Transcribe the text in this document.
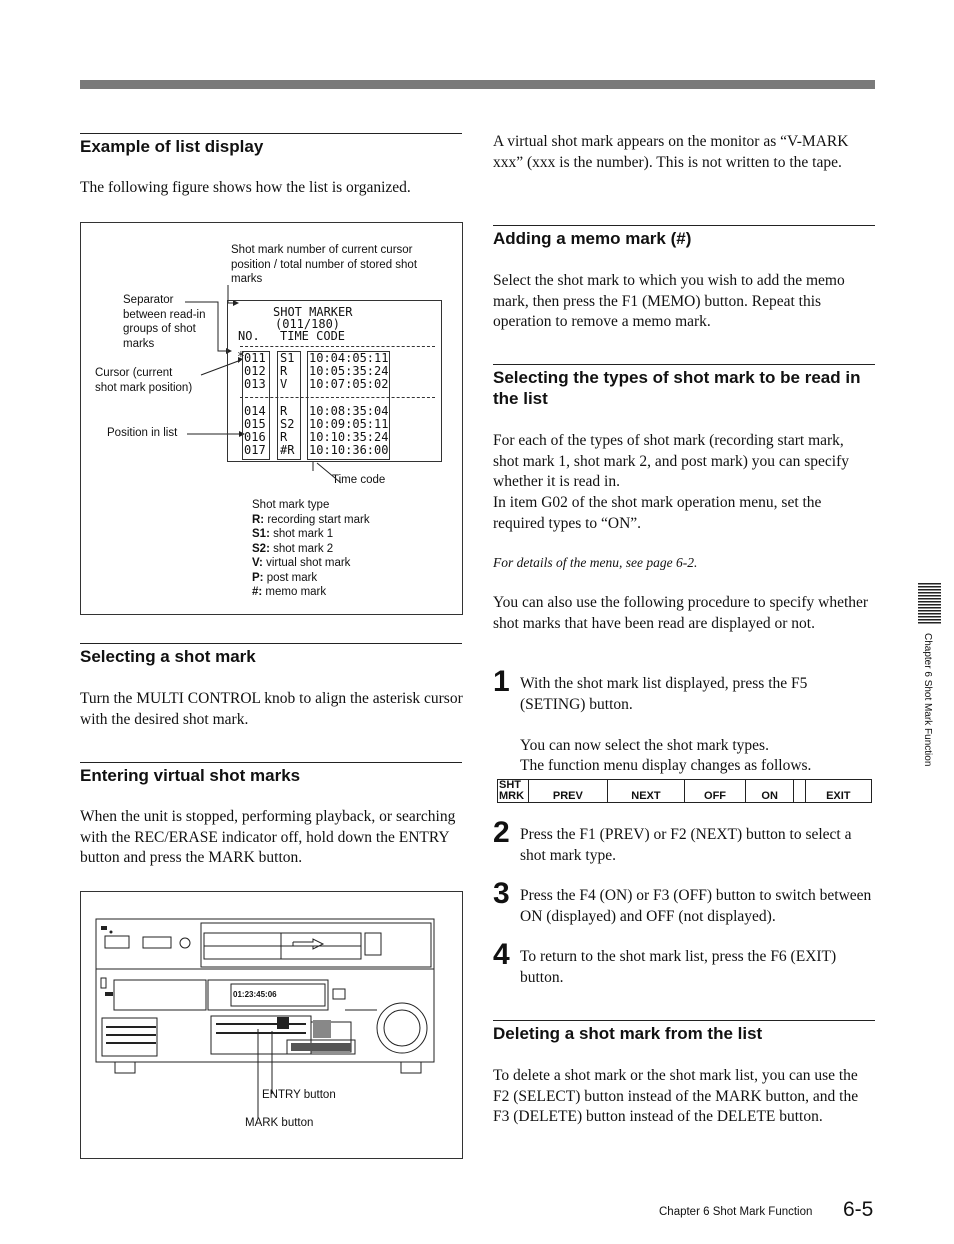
Example of list display

The following figure shows how the list is organized.

Shot mark number of current cursor
position / total number of stored shot
marks
Separator
between read-in
groups of shot
marks
Cursor (current
shot mark position)
Position in list
Time code
SHOT MARKER
(011/180)
NO. TIME CODE
* 011 S1 10:04:05:11
012 R 10:05:35:24
013 V 10:07:05:02
014 R 10:08:35:04
015 S2 10:09:05:11
016 R 10:10:35:24
017 #R 10:10:36:00
Shot mark type
R: recording start mark
S1: shot mark 1
S2: shot mark 2
V: virtual shot mark
P: post mark
#: memo mark
Selecting a shot mark

Turn the MULTI CONTROL knob to align the asterisk cursor with the desired shot mark.

Entering virtual shot marks

When the unit is stopped, performing playback, or searching with the REC/ERASE indicator off, hold down the ENTRY button and press the MARK button.

01:23:45:06
ENTRY button
MARK button

A virtual shot mark appears on the monitor as “V-MARK xxx” (xxx is the number). This is not written to the tape.

Adding a memo mark (#)

Select the shot mark to which you wish to add the memo mark, then press the F1 (MEMO) button. Repeat this operation to remove a memo mark.

Selecting the types of shot mark to be read in the list

For each of the types of shot mark (recording start mark, shot mark 1, shot mark 2, and post mark) you can specify whether it is read in.

In item G02 of the shot mark operation menu, set the required types to “ON”.

For details of the menu, see page 6-2.

You can also use the following procedure to specify whether shot marks that have been read are displayed or not.

1 With the shot mark list displayed, press the F5 (SETING) button.

You can now select the shot mark types.

The function menu display changes as follows.

SHT
MRK	PREV	NEXT	OFF	ON		EXIT
2 Press the F1 (PREV) or F2 (NEXT) button to select a shot mark type.

3 Press the F4 (ON) or F3 (OFF) button to switch between ON (displayed) and OFF (not displayed).

4 To return to the shot mark list, press the F6 (EXIT) button.

Deleting a shot mark from the list

To delete a shot mark or the shot mark list, you can use the F2 (SELECT) button instead of the MARK button, and the F3 (DELETE) button instead of the DELETE button.

Chapter 6 Shot Mark Function
Chapter 6 Shot Mark Function 6-5
